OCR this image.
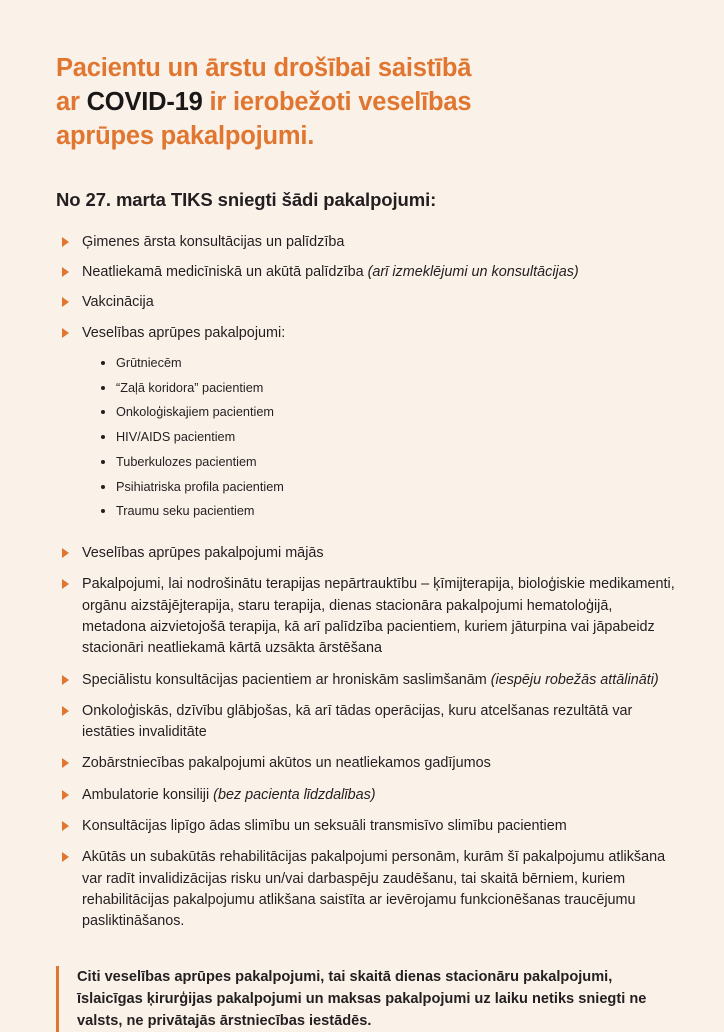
Pacientu un ārstu drošībai saistībā
ar COVID-19 ir ierobežoti veselības
aprūpes pakalpojumi.
No 27. marta TIKS sniegti šādi pakalpojumi:
Ģimenes ārsta konsultācijas un palīdzība
Neatliekamā medicīniskā un akūtā palīdzība (arī izmeklējumi un konsultācijas)
Vakcinācija
Veselības aprūpes pakalpojumi:
Grūtniecēm
“Zaļā koridora” pacientiem
Onkoloģiskajiem pacientiem
HIV/AIDS pacientiem
Tuberkulozes pacientiem
Psihiatriska profila pacientiem
Traumu seku pacientiem
Veselības aprūpes pakalpojumi mājās
Pakalpojumi, lai nodrošinātu terapijas nepārtrauktību – ķīmijterapija, bioloģiskie medikamenti, orgānu aizstājējterapija, staru terapija, dienas stacionāra pakalpojumi hematoloģijā, metadona aizvietojošā terapija, kā arī palīdzība pacientiem, kuriem jāturpina vai jāpabeidz stacionāri neatliekamā kārtā uzsākta ārstēšana
Speciālistu konsultācijas pacientiem ar hroniskām saslimšanām (iespēju robežās attālināti)
Onkoloģiskās, dzīvību glābjošas, kā arī tādas operācijas, kuru atcelšanas rezultātā var iestāties invaliditāte
Zobārstniecības pakalpojumi akūtos un neatliekamos gadījumos
Ambulatorie konsiliji (bez pacienta līdzdalības)
Konsultācijas lipīgo ādas slimību un seksuāli transmisīvo slimību pacientiem
Akūtās un subakūtās rehabilitācijas pakalpojumi personām, kurām šī pakalpojumu atlikšana var radīt invalidizācijas risku un/vai darbaspēju zaudēšanu, tai skaitā bērniem, kuriem rehabilitācijas pakalpojumu atlikšana saistīta ar ievērojamu funkcionēšanas traucējumu pasliktināšanos.

Citi veselības aprūpes pakalpojumi, tai skaitā dienas stacionāru pakalpojumi, īslaicīgas ķirurģijas pakalpojumi un maksas pakalpojumi uz laiku netiks sniegti ne valsts, ne privātajās ārstniecības iestādēs.
